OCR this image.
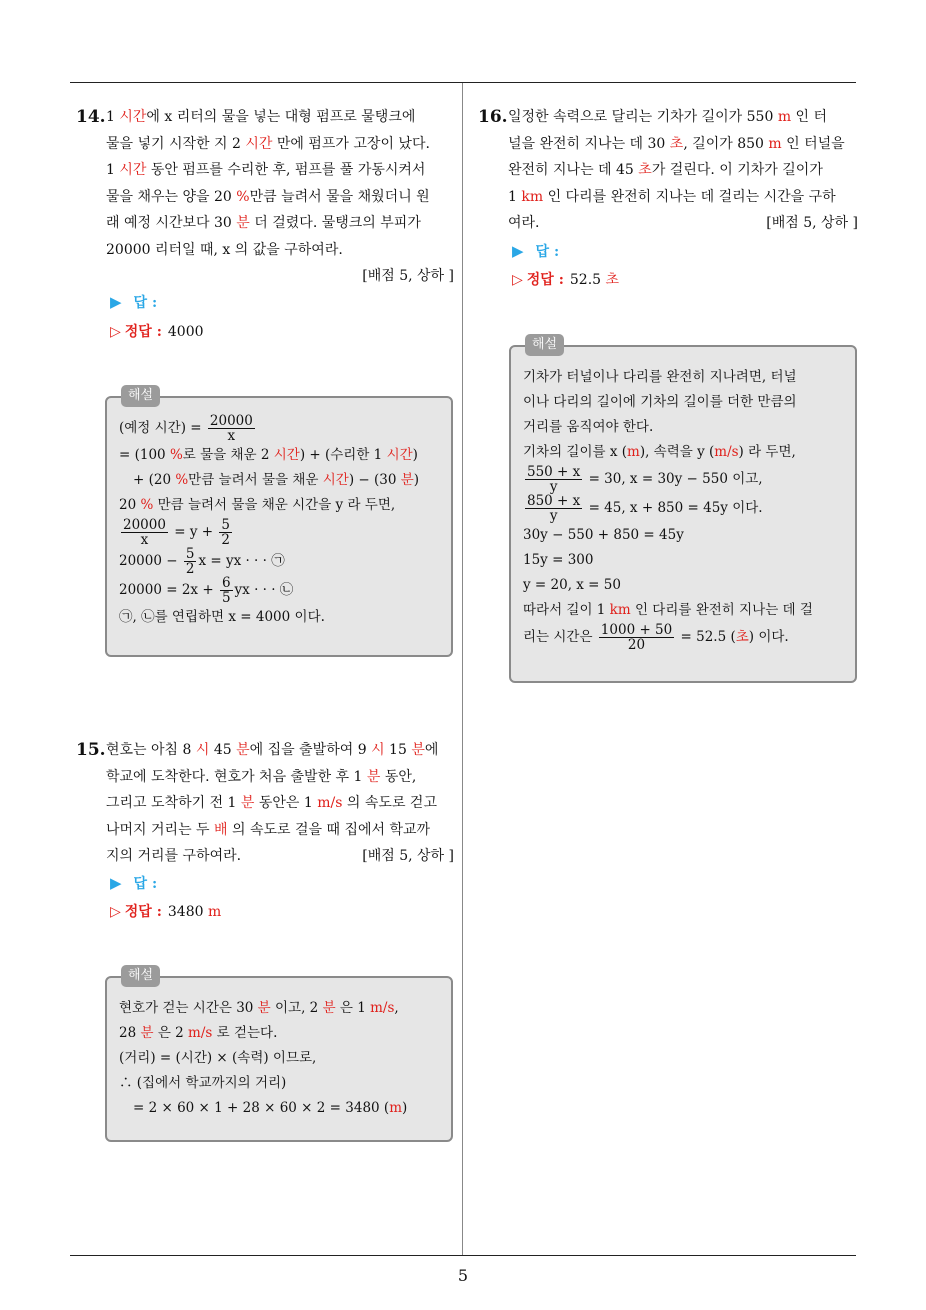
5
14. 1 시간에 x 리터의 물을 넣는 대형 펌프로 물탱크에
물을 넣기 시작한 지 2 시간 만에 펌프가 고장이 났다.
1 시간 동안 펌프를 수리한 후, 펌프를 풀 가동시켜서
물을 채우는 양을 20 %만큼 늘려서 물을 채웠더니 원
래 예정 시간보다 30 분 더 걸렸다. 물탱크의 부피가
20000 리터일 때, x 의 값을 구하여라.
[배점 5, 상하 ]
▶ 답 :
▷ 정답 : 4000
해설
(예정 시간) = $\frac{20000}{x}$
= (100 %로 물을 채운 2 시간) + (수리한 1 시간)
+ (20 %만큼 늘려서 물을 채운 시간) − (30 분)
20 % 만큼 늘려서 물을 채운 시간을 y 라 두면,
$\frac{20000}{x} = y + \frac{5}{2}$
$20000 - \frac{5}{2}$ x = yx · · · ㉠
$20000 = 2x + \frac{6}{5}$ yx · · · ㉡
㉠, ㉡를 연립하면 x = 4000 이다.
15. 현호는 아침 8 시 45 분에 집을 출발하여 9 시 15 분에
학교에 도착한다. 현호가 처음 출발한 후 1 분 동안,
그리고 도착하기 전 1 분 동안은 1 m/s 의 속도로 걷고
나머지 거리는 두 배 의 속도로 걸을 때 집에서 학교까
지의 거리를 구하여라.	[배점 5, 상하 ]
▶ 답 :
▷ 정답 : 3480 m
해설
현호가 걷는 시간은 30 분 이고, 2 분 은 1 m/s,
28 분 은 2 m/s 로 걷는다.
(거리) = (시간) × (속력) 이므로,
∴ (집에서 학교까지의 거리)
= 2 × 60 × 1 + 28 × 60 × 2 = 3480 (m)
16. 일정한 속력으로 달리는 기차가 길이가 550 m 인 터
널을 완전히 지나는 데 30 초, 길이가 850 m 인 터널을
완전히 지나는 데 45 초가 걸린다. 이 기차가 길이가
1 km 인 다리를 완전히 지나는 데 걸리는 시간을 구하
여라.	[배점 5, 상하 ]
▶ 답 :
▷ 정답 : 52.5 초
해설
기차가 터널이나 다리를 완전히 지나려면, 터널
이나 다리의 길이에 기차의 길이를 더한 만큼의
거리를 움직여야 한다.
기차의 길이를 x (m), 속력을 y (m/s) 라 두면,
$\frac{550 + x}{y} = 30$, x = 30y − 550 이고,
$\frac{850 + x}{y} = 45$, x + 850 = 45y 이다.
30y − 550 + 850 = 45y
15y = 300
y = 20, x = 50
따라서 길이 1 km 인 다리를 완전히 지나는 데 걸
리는 시간은 $\frac{1000 + 50}{20} = 52.5$ (초) 이다.
